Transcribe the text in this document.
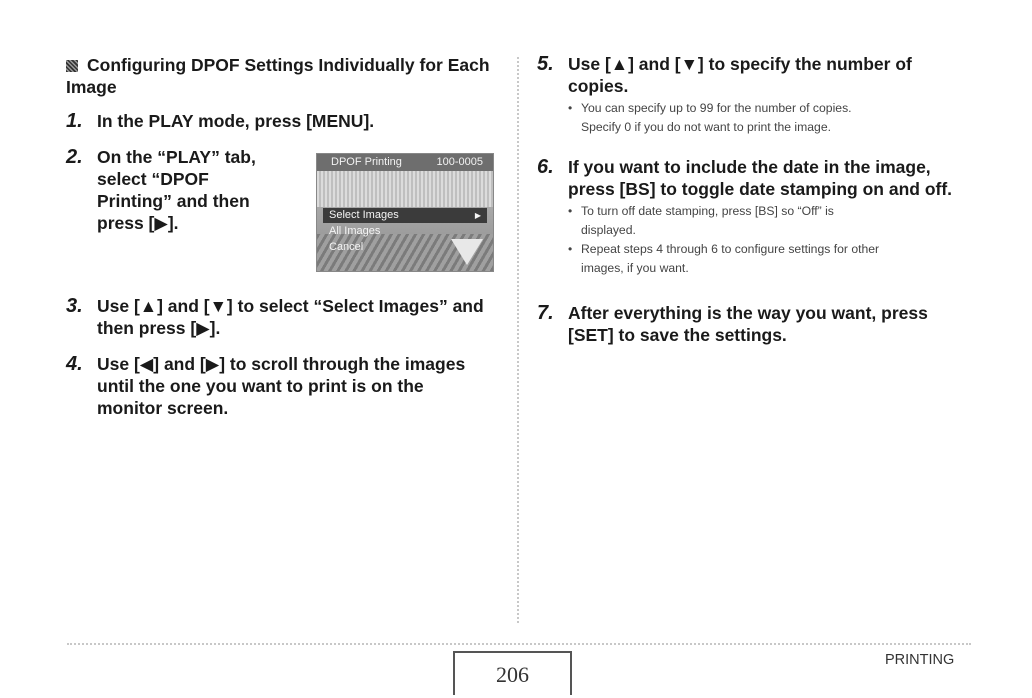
Configuring DPOF Settings Individually for Each Image
1. In the PLAY mode, press [MENU].
2. On the “PLAY” tab,
select “DPOF
Printing” and then
press [▶].
DPOF Printing	100-0005
Select Images	▶
All Images
Cancel
3. Use [▲] and [▼] to select “Select Images” and
then press [▶].
4. Use [◀] and [▶] to scroll through the images
until the one you want to print is on the
monitor screen.
5. Use [▲] and [▼] to specify the number of
copies.
• You can specify up to 99 for the number of copies.
Specify 0 if you do not want to print the image.
6. If you want to include the date in the image,
press [BS] to toggle date stamping on and off.
• To turn off date stamping, press [BS] so “Off” is
displayed.
• Repeat steps 4 through 6 to configure settings for other
images, if you want.
7. After everything is the way you want, press
[SET] to save the settings.
206
PRINTING
